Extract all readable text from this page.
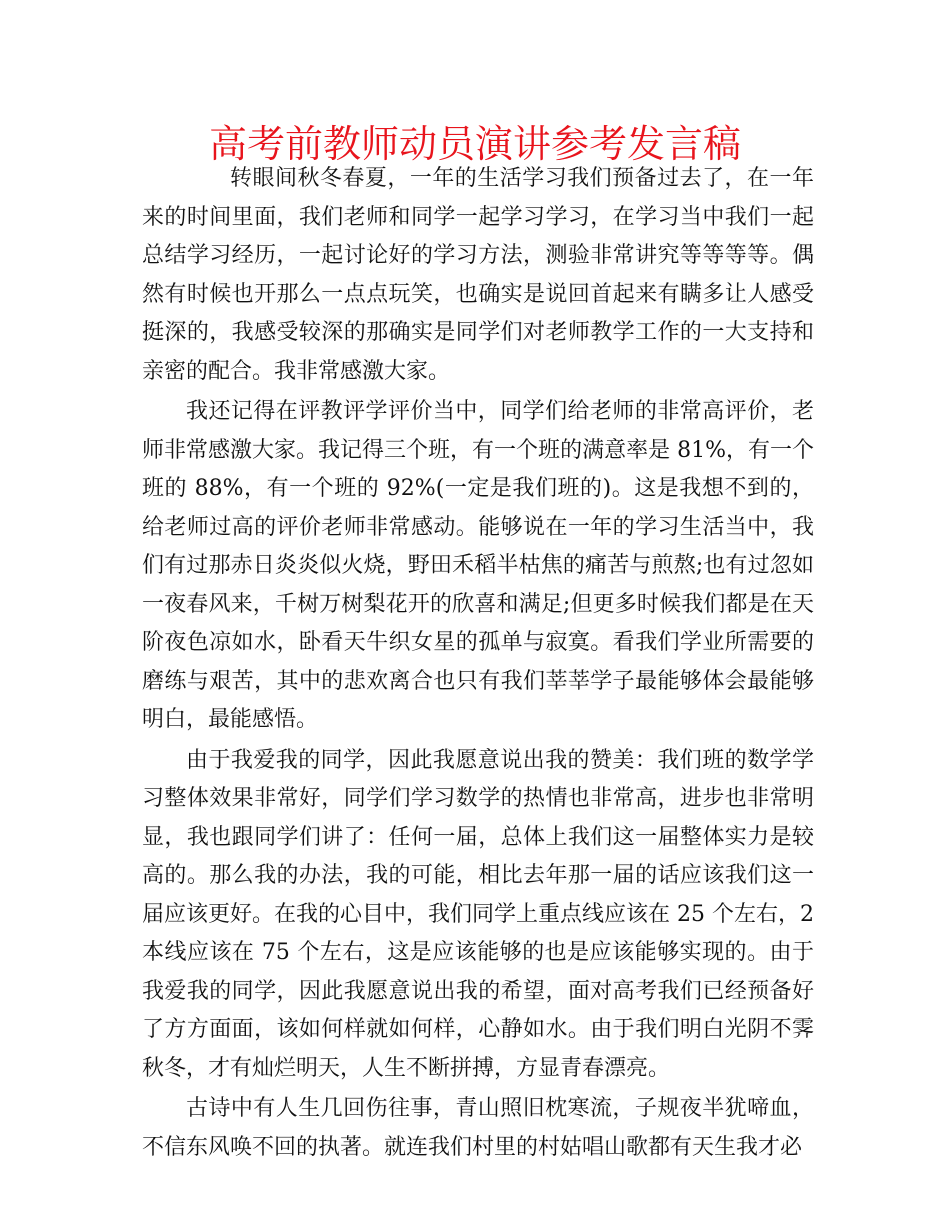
高考前教师动员演讲参考发言稿

转眼间秋冬春夏，一年的生活学习我们预备过去了，在一年来的时间里面，我们老师和同学一起学习学习，在学习当中我们一起总结学习经历，一起讨论好的学习方法，测验非常讲究等等等等。偶然有时候也开那么一点点玩笑，也确实是说回首起来有瞒多让人感受挺深的，我感受较深的那确实是同学们对老师教学工作的一大支持和亲密的配合。我非常感激大家。

我还记得在评教评学评价当中，同学们给老师的非常高评价，老师非常感激大家。我记得三个班，有一个班的满意率是 81%，有一个班的 88%，有一个班的 92%(一定是我们班的)。这是我想不到的，给老师过高的评价老师非常感动。能够说在一年的学习生活当中，我们有过那赤日炎炎似火烧，野田禾稻半枯焦的痛苦与煎熬;也有过忽如一夜春风来，千树万树梨花开的欣喜和满足;但更多时候我们都是在天阶夜色凉如水，卧看天牛织女星的孤单与寂寞。看我们学业所需要的磨练与艰苦，其中的悲欢离合也只有我们莘莘学子最能够体会最能够明白，最能感悟。

由于我爱我的同学，因此我愿意说出我的赞美：我们班的数学学习整体效果非常好，同学们学习数学的热情也非常高，进步也非常明显，我也跟同学们讲了：任何一届，总体上我们这一届整体实力是较高的。那么我的办法，我的可能，相比去年那一届的话应该我们这一届应该更好。在我的心目中，我们同学上重点线应该在 25 个左右，2 本线应该在 75 个左右，这是应该能够的也是应该能够实现的。由于我爱我的同学，因此我愿意说出我的希望，面对高考我们已经预备好了方方面面，该如何样就如何样，心静如水。由于我们明白光阴不霁秋冬，才有灿烂明天，人生不断拼搏，方显青春漂亮。

古诗中有人生几回伤往事，青山照旧枕寒流，子规夜半犹啼血，不信东风唤不回的执著。就连我们村里的村姑唱山歌都有天生我才必
